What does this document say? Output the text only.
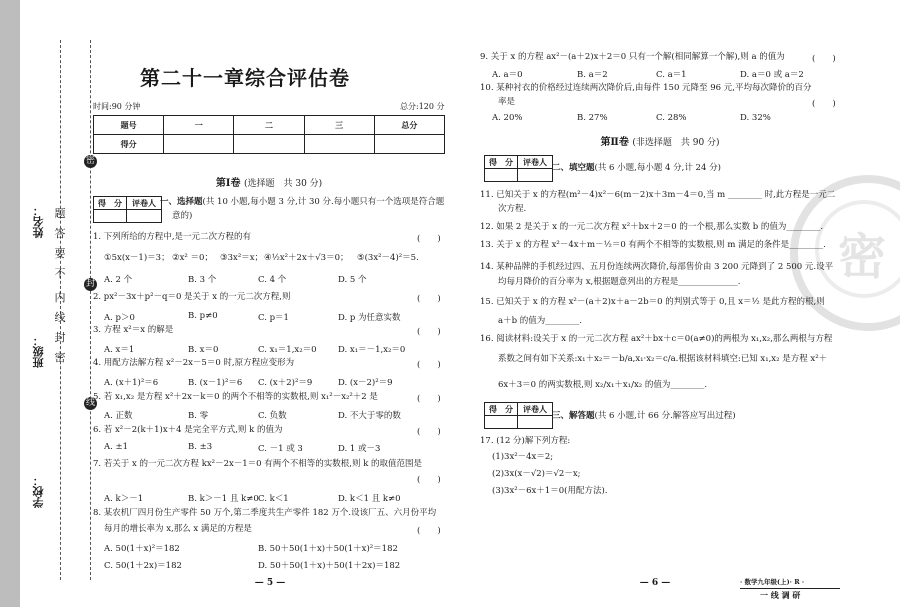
题
答
要
不
内
线
封
密
密
封
线
姓名：
班级：
学校：
密
第二十一章综合评估卷
时间:90 分钟	总分:120 分
题号	一	二	三	总分
得分				
第Ⅰ卷 (选择题　共 30 分)
得　分	评卷人
	一、选择题(共 10 小题,每小题 3 分,计 30 分.每小题只有一个选项是符合题
意的)
1. 下列所给的方程中,是一元二次方程的有	(　　)
①5x(x－1)＝3； ②x² ＝0； ③3x²＝x； ④½x²＋2x＋√3＝0； ⑤(3x²－4)²＝5.
A. 2 个	B. 3 个	C. 4 个	D. 5 个
2. px²－3x＋p²－q＝0 是关于 x 的一元二次方程,则	(　　)
A. p＞0	B. p≠0	C. p＝1	D. p 为任意实数
3. 方程 x²＝x 的解是	(　　)
A. x＝1	B. x＝0	C. x₁＝1,x₂＝0	D. x₁＝－1,x₂＝0
4. 用配方法解方程 x²－2x－5＝0 时,原方程应变形为	(　　)
A. (x＋1)²＝6	B. (x－1)²＝6 C. (x＋2)²＝9	D. (x－2)²＝9
5. 若 x₁,x₂ 是方程 x²＋2x－k＝0 的两个不相等的实数根,则 x₁²－x₂²＋2 是	(　　)
A. 正数	B. 零	C. 负数	D. 不大于零的数
6. 若 x²－2(k＋1)x＋4 是完全平方式,则 k 的值为	(　　)
A. ±1	B. ±3	C. －1 或 3	D. 1 或－3
7. 若关于 x 的一元二次方程 kx²－2x－1＝0 有两个不相等的实数根,则 k 的取值范围是
(　　)
A. k＞－1	B. k＞－1 且 k≠0 C. k＜1	D. k＜1 且 k≠0
8. 某农机厂四月份生产零件 50 万个,第二季度共生产零件 182 万个.设该厂五、六月份平均
每月的增长率为 x,那么 x 满足的方程是	(　　)
A. 50(1＋x)²＝182	B. 50＋50(1＋x)＋50(1＋x)²＝182
C. 50(1＋2x)＝182	D. 50＋50(1＋x)＋50(1＋2x)＝182
— 5 —
9. 关于 x 的方程 ax²－(a＋2)x＋2＝0 只有一个解(相同解算一个解),则 a 的值为	(　　)
A. a＝0	B. a＝2	C. a＝1	D. a＝0 或 a＝2
10. 某种衬衣的价格经过连续两次降价后,由每件 150 元降至 96 元,平均每次降价的百分
率是	(　　)
A. 20%	B. 27%	C. 28%	D. 32%
第Ⅱ卷 (非选择题　共 90 分)
得　分	评卷人

二、填空题(共 6 小题,每小题 4 分,计 24 分)
11. 已知关于 x 的方程(m²－4)x²－6(m－2)x＋3m－4＝0,当 m ________ 时,此方程是一元二
次方程.
12. 如果 2 是关于 x 的一元二次方程 x²＋bx＋2＝0 的一个根,那么实数 b 的值为________.
13. 关于 x 的方程 x²－4x＋m－½＝0 有两个不相等的实数根,则 m 满足的条件是________.
14. 某种品牌的手机经过四、五月份连续两次降价,每部售价由 3 200 元降到了 2 500 元.设平
均每月降价的百分率为 x,根据题意列出的方程是______________.
15. 已知关于 x 的方程 x²－(a＋2)x＋a－2b＝0 的判别式等于 0,且 x＝½ 是此方程的根,则
a＋b 的值为________.
16. 阅读材料:设关于 x 的一元二次方程 ax²＋bx＋c＝0(a≠0)的两根为 x₁,x₂,那么两根与方程
系数之间有如下关系:x₁＋x₂＝－b/a,x₁·x₂＝c/a.根据该材料填空:已知 x₁,x₂ 是方程 x²＋
6x＋3＝0 的两实数根,则 x₂/x₁＋x₁/x₂ 的值为________.
得　分	评卷人

三、解答题(共 6 小题,计 66 分.解答应写出过程)
17. (12 分)解下列方程:
(1)3x²－4x＝2;
(2)3x(x－√2)＝√2－x;
(3)3x²－6x＋1＝0(用配方法).
— 6 —	· 数学九年级(上)· R ·
一 线 调 研
